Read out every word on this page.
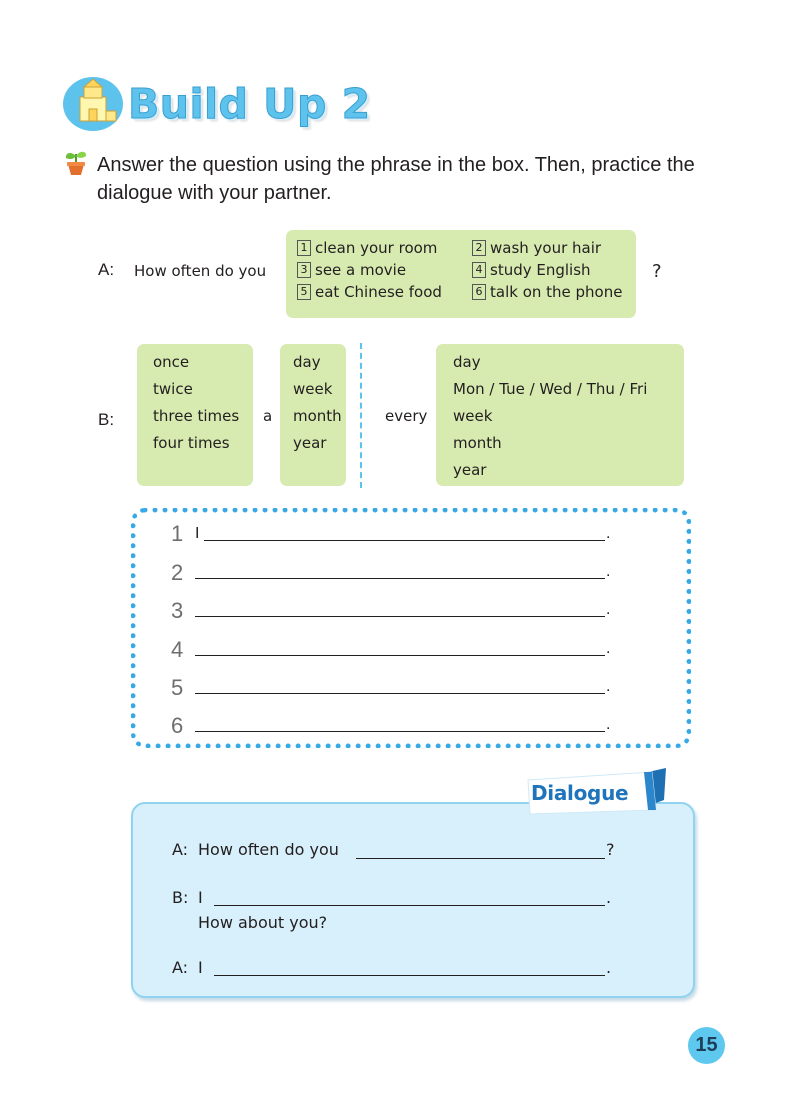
Build Up 2
Answer the question using the phrase in the box. Then, practice the dialogue with your partner.
A: How often do you
1 clean your room	2 wash your hair
3 see a movie	4 study English
5 eat Chinese food	6 talk on the phone
?
B:
once
twice
three times
four times
a
day
week
month
year
every
day
Mon / Tue / Wed / Thu / Fri
week
month
year
1 I	.
2	.
3	.
4	.
5	.
6	.
Dialogue
A: How often do you	?
B: I	.
How about you?
A: I	.
15
